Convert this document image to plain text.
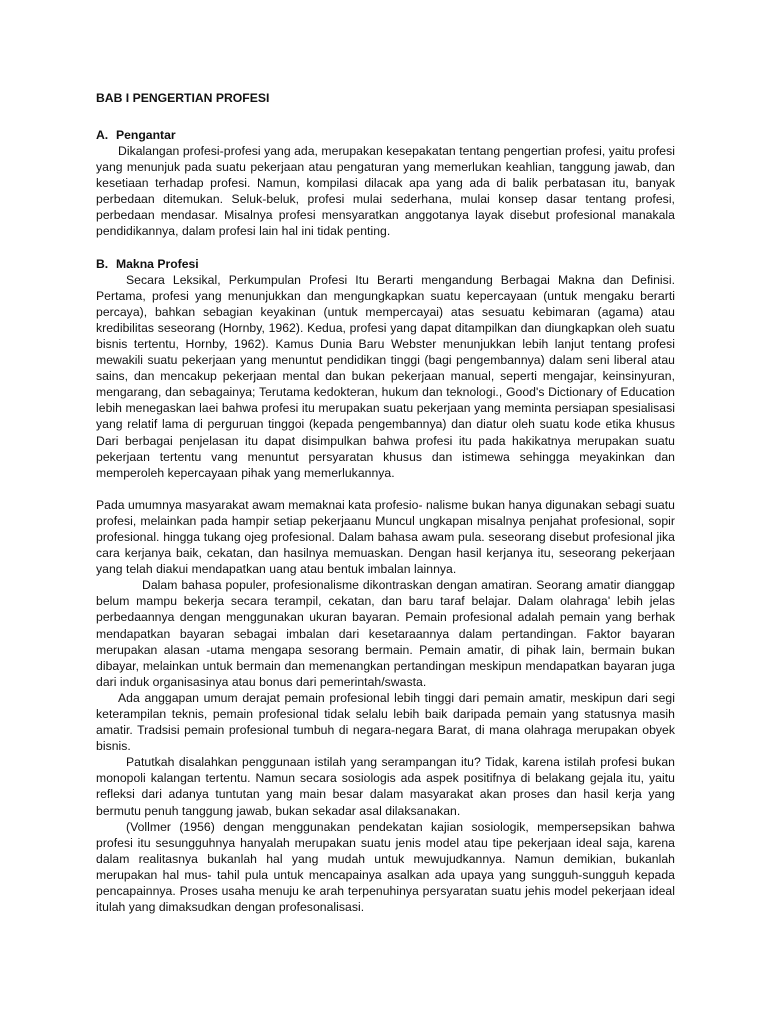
BAB I PENGERTIAN PROFESI

A. Pengantar

Dikalangan profesi-profesi yang ada, merupakan kesepakatan tentang pengertian profesi, yaitu profesi yang menunjuk pada suatu pekerjaan atau pengaturan yang memerlukan keahlian, tanggung jawab, dan kesetiaan terhadap profesi. Namun, kompilasi dilacak apa yang ada di balik perbatasan itu, banyak perbedaan ditemukan. Seluk-beluk, profesi mulai sederhana, mulai konsep dasar tentang profesi, perbedaan mendasar. Misalnya profesi mensyaratkan anggotanya layak disebut profesional manakala pendidikannya, dalam profesi lain hal ini tidak penting.

B. Makna Profesi

Secara Leksikal, Perkumpulan Profesi Itu Berarti mengandung Berbagai Makna dan Definisi. Pertama, profesi yang menunjukkan dan mengungkapkan suatu kepercayaan (untuk mengaku berarti percaya), bahkan sebagian keyakinan (untuk mempercayai) atas sesuatu kebimaran (agama) atau kredibilitas seseorang (Hornby, 1962). Kedua, profesi yang dapat ditampilkan dan diungkapkan oleh suatu bisnis tertentu, Hornby, 1962). Kamus Dunia Baru Webster menunjukkan lebih lanjut tentang profesi mewakili suatu pekerjaan yang menuntut pendidikan tinggi (bagi pengembannya) dalam seni liberal atau sains, dan mencakup pekerjaan mental dan bukan pekerjaan manual, seperti mengajar, keinsinyuran, mengarang, dan sebagainya; Terutama kedokteran, hukum dan teknologi., Good's Dictionary of Education lebih menegaskan laei bahwa profesi itu merupakan suatu pekerjaan yang meminta persiapan spesialisasi yang relatif lama di perguruan tinggoi (kepada pengembannya) dan diatur oleh suatu kode etika khusus Dari berbagai penjelasan itu dapat disimpulkan bahwa profesi itu pada hakikatnya merupakan suatu pekerjaan tertentu vang menuntut persyaratan khusus dan istimewa sehingga meyakinkan dan memperoleh kepercayaan pihak yang memerlukannya.

Pada umumnya masyarakat awam memaknai kata profesio- nalisme bukan hanya digunakan sebagi suatu profesi, melainkan pada hampir setiap pekerjaanu Muncul ungkapan misalnya penjahat profesional, sopir profesional. hingga tukang ojeg profesional. Dalam bahasa awam pula. seseorang disebut profesional jika cara kerjanya baik, cekatan, dan hasilnya memuaskan. Dengan hasil kerjanya itu, seseorang pekerjaan yang telah diakui mendapatkan uang atau bentuk imbalan lainnya.

Dalam bahasa populer, profesionalisme dikontraskan dengan amatiran. Seorang amatir dianggap belum mampu bekerja secara terampil, cekatan, dan baru taraf belajar. Dalam olahraga' lebih jelas perbedaannya dengan menggunakan ukuran bayaran. Pemain profesional adalah pemain yang berhak mendapatkan bayaran sebagai imbalan dari kesetaraannya dalam pertandingan. Faktor bayaran merupakan alasan -utama mengapa sesorang bermain. Pemain amatir, di pihak lain, bermain bukan dibayar, melainkan untuk bermain dan memenangkan pertandingan meskipun mendapatkan bayaran juga dari induk organisasinya atau bonus dari pemerintah/swasta.

Ada anggapan umum derajat pemain profesional lebih tinggi dari pemain amatir, meskipun dari segi keterampilan teknis, pemain profesional tidak selalu lebih baik daripada pemain yang statusnya masih amatir. Tradsisi pemain profesional tumbuh di negara-negara Barat, di mana olahraga merupakan obyek bisnis.

Patutkah disalahkan penggunaan istilah yang serampangan itu? Tidak, karena istilah profesi bukan monopoli kalangan tertentu. Namun secara sosiologis ada aspek positifnya di belakang gejala itu, yaitu refleksi dari adanya tuntutan yang main besar dalam masyarakat akan proses dan hasil kerja yang bermutu penuh tanggung jawab, bukan sekadar asal dilaksanakan.

(Vollmer (1956) dengan menggunakan pendekatan kajian sosiologik, mempersepsikan bahwa profesi itu sesungguhnya hanyalah merupakan suatu jenis model atau tipe pekerjaan ideal saja, karena dalam realitasnya bukanlah hal yang mudah untuk mewujudkannya. Namun demikian, bukanlah merupakan hal mus- tahil pula untuk mencapainya asalkan ada upaya yang sungguh-sungguh kepada pencapainnya. Proses usaha menuju ke arah terpenuhinya persyaratan suatu jehis model pekerjaan ideal itulah yang dimaksudkan dengan profesonalisasi.
